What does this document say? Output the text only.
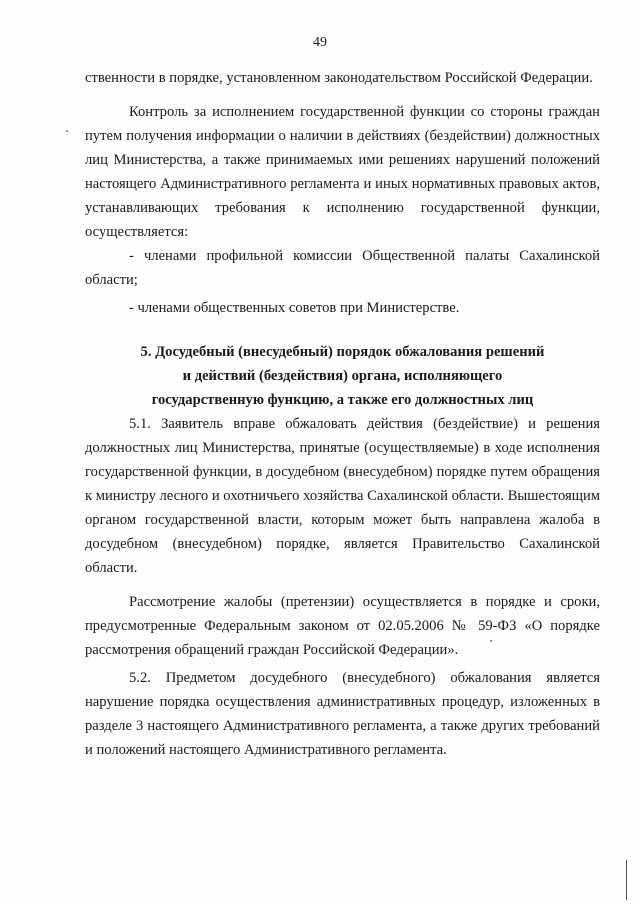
49

ственности в порядке, установленном законодательством Российской Федерации.

Контроль за исполнением государственной функции со стороны граждан путем получения информации о наличии в действиях (бездействии) должностных лиц Министерства, а также принимаемых ими решениях нарушений положений настоящего Административного регламента и иных нормативных правовых актов, устанавливающих требования к исполнению государственной функции, осуществляется:

- членами профильной комиссии Общественной палаты Сахалинской области;

- членами общественных советов при Министерстве.

5. Досудебный (внесудебный) порядок обжалования решений
и действий (бездействия) органа, исполняющего
государственную функцию, а также его должностных лиц

5.1. Заявитель вправе обжаловать действия (бездействие) и решения должностных лиц Министерства, принятые (осуществляемые) в ходе исполнения государственной функции, в досудебном (внесудебном) порядке путем обращения к министру лесного и охотничьего хозяйства Сахалинской области. Вышестоящим органом государственной власти, которым может быть направлена жалоба в досудебном (внесудебном) порядке, является Правительство Сахалинской области.

Рассмотрение жалобы (претензии) осуществляется в порядке и сроки, предусмотренные Федеральным законом от 02.05.2006 № 59-ФЗ «О порядке рассмотрения обращений граждан Российской Федерации».

5.2. Предметом досудебного (внесудебного) обжалования является нарушение порядка осуществления административных процедур, изложенных в разделе 3 настоящего Административного регламента, а также других требований и положений настоящего Административного регламента.
